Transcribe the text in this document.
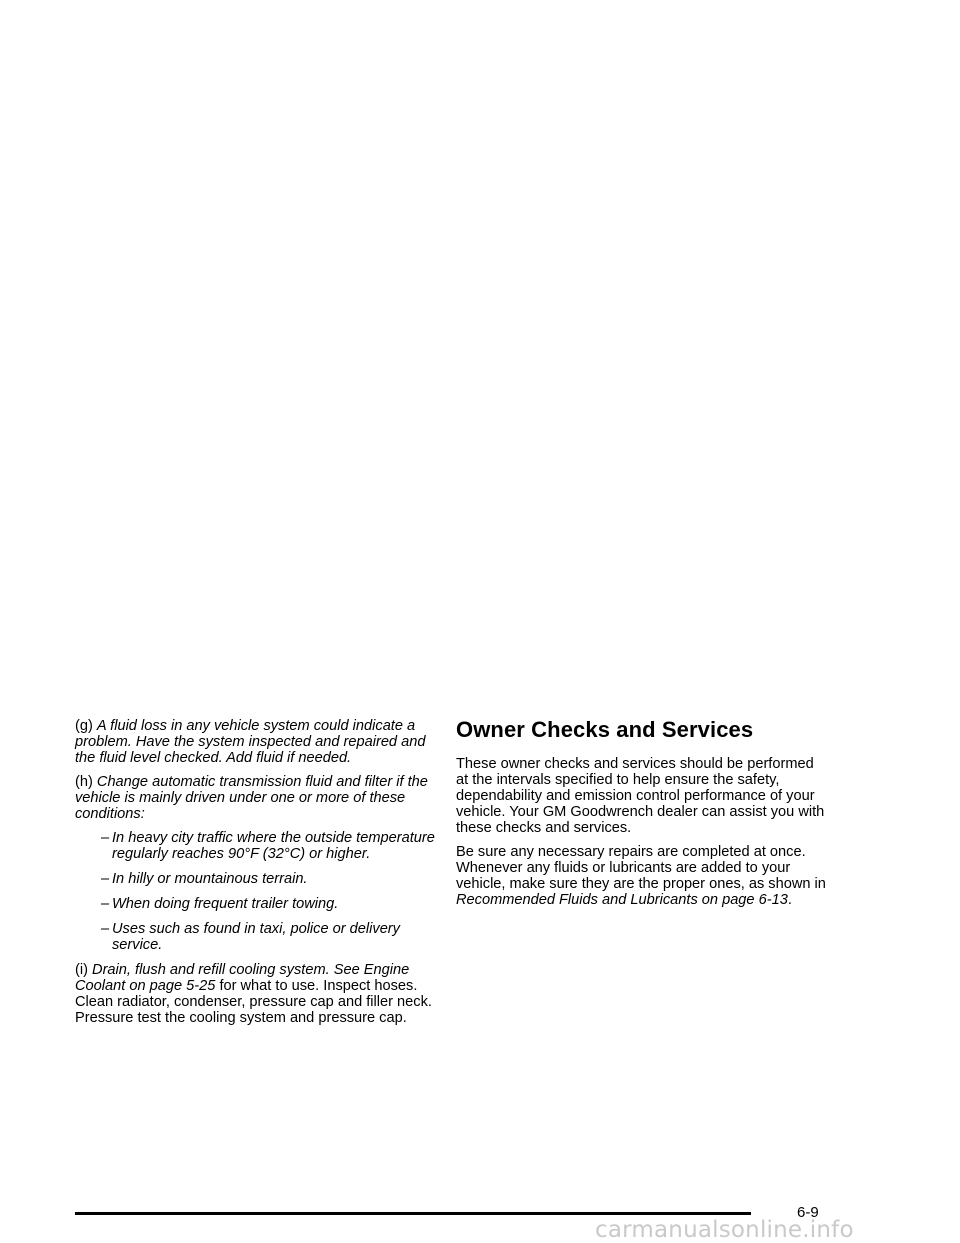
(g) A fluid loss in any vehicle system could indicate a problem. Have the system inspected and repaired and the fluid level checked. Add fluid if needed.

(h) Change automatic transmission fluid and filter if the vehicle is mainly driven under one or more of these conditions:

– In heavy city traffic where the outside temperature regularly reaches 90°F (32°C) or higher.
– In hilly or mountainous terrain.
– When doing frequent trailer towing.
– Uses such as found in taxi, police or delivery service.

(i) Drain, flush and refill cooling system. See Engine Coolant on page 5-25 for what to use. Inspect hoses. Clean radiator, condenser, pressure cap and filler neck. Pressure test the cooling system and pressure cap.

Owner Checks and Services

These owner checks and services should be performed at the intervals specified to help ensure the safety, dependability and emission control performance of your vehicle. Your GM Goodwrench dealer can assist you with these checks and services.

Be sure any necessary repairs are completed at once. Whenever any fluids or lubricants are added to your vehicle, make sure they are the proper ones, as shown in Recommended Fluids and Lubricants on page 6-13.

6-9
carmanualsonline.info
